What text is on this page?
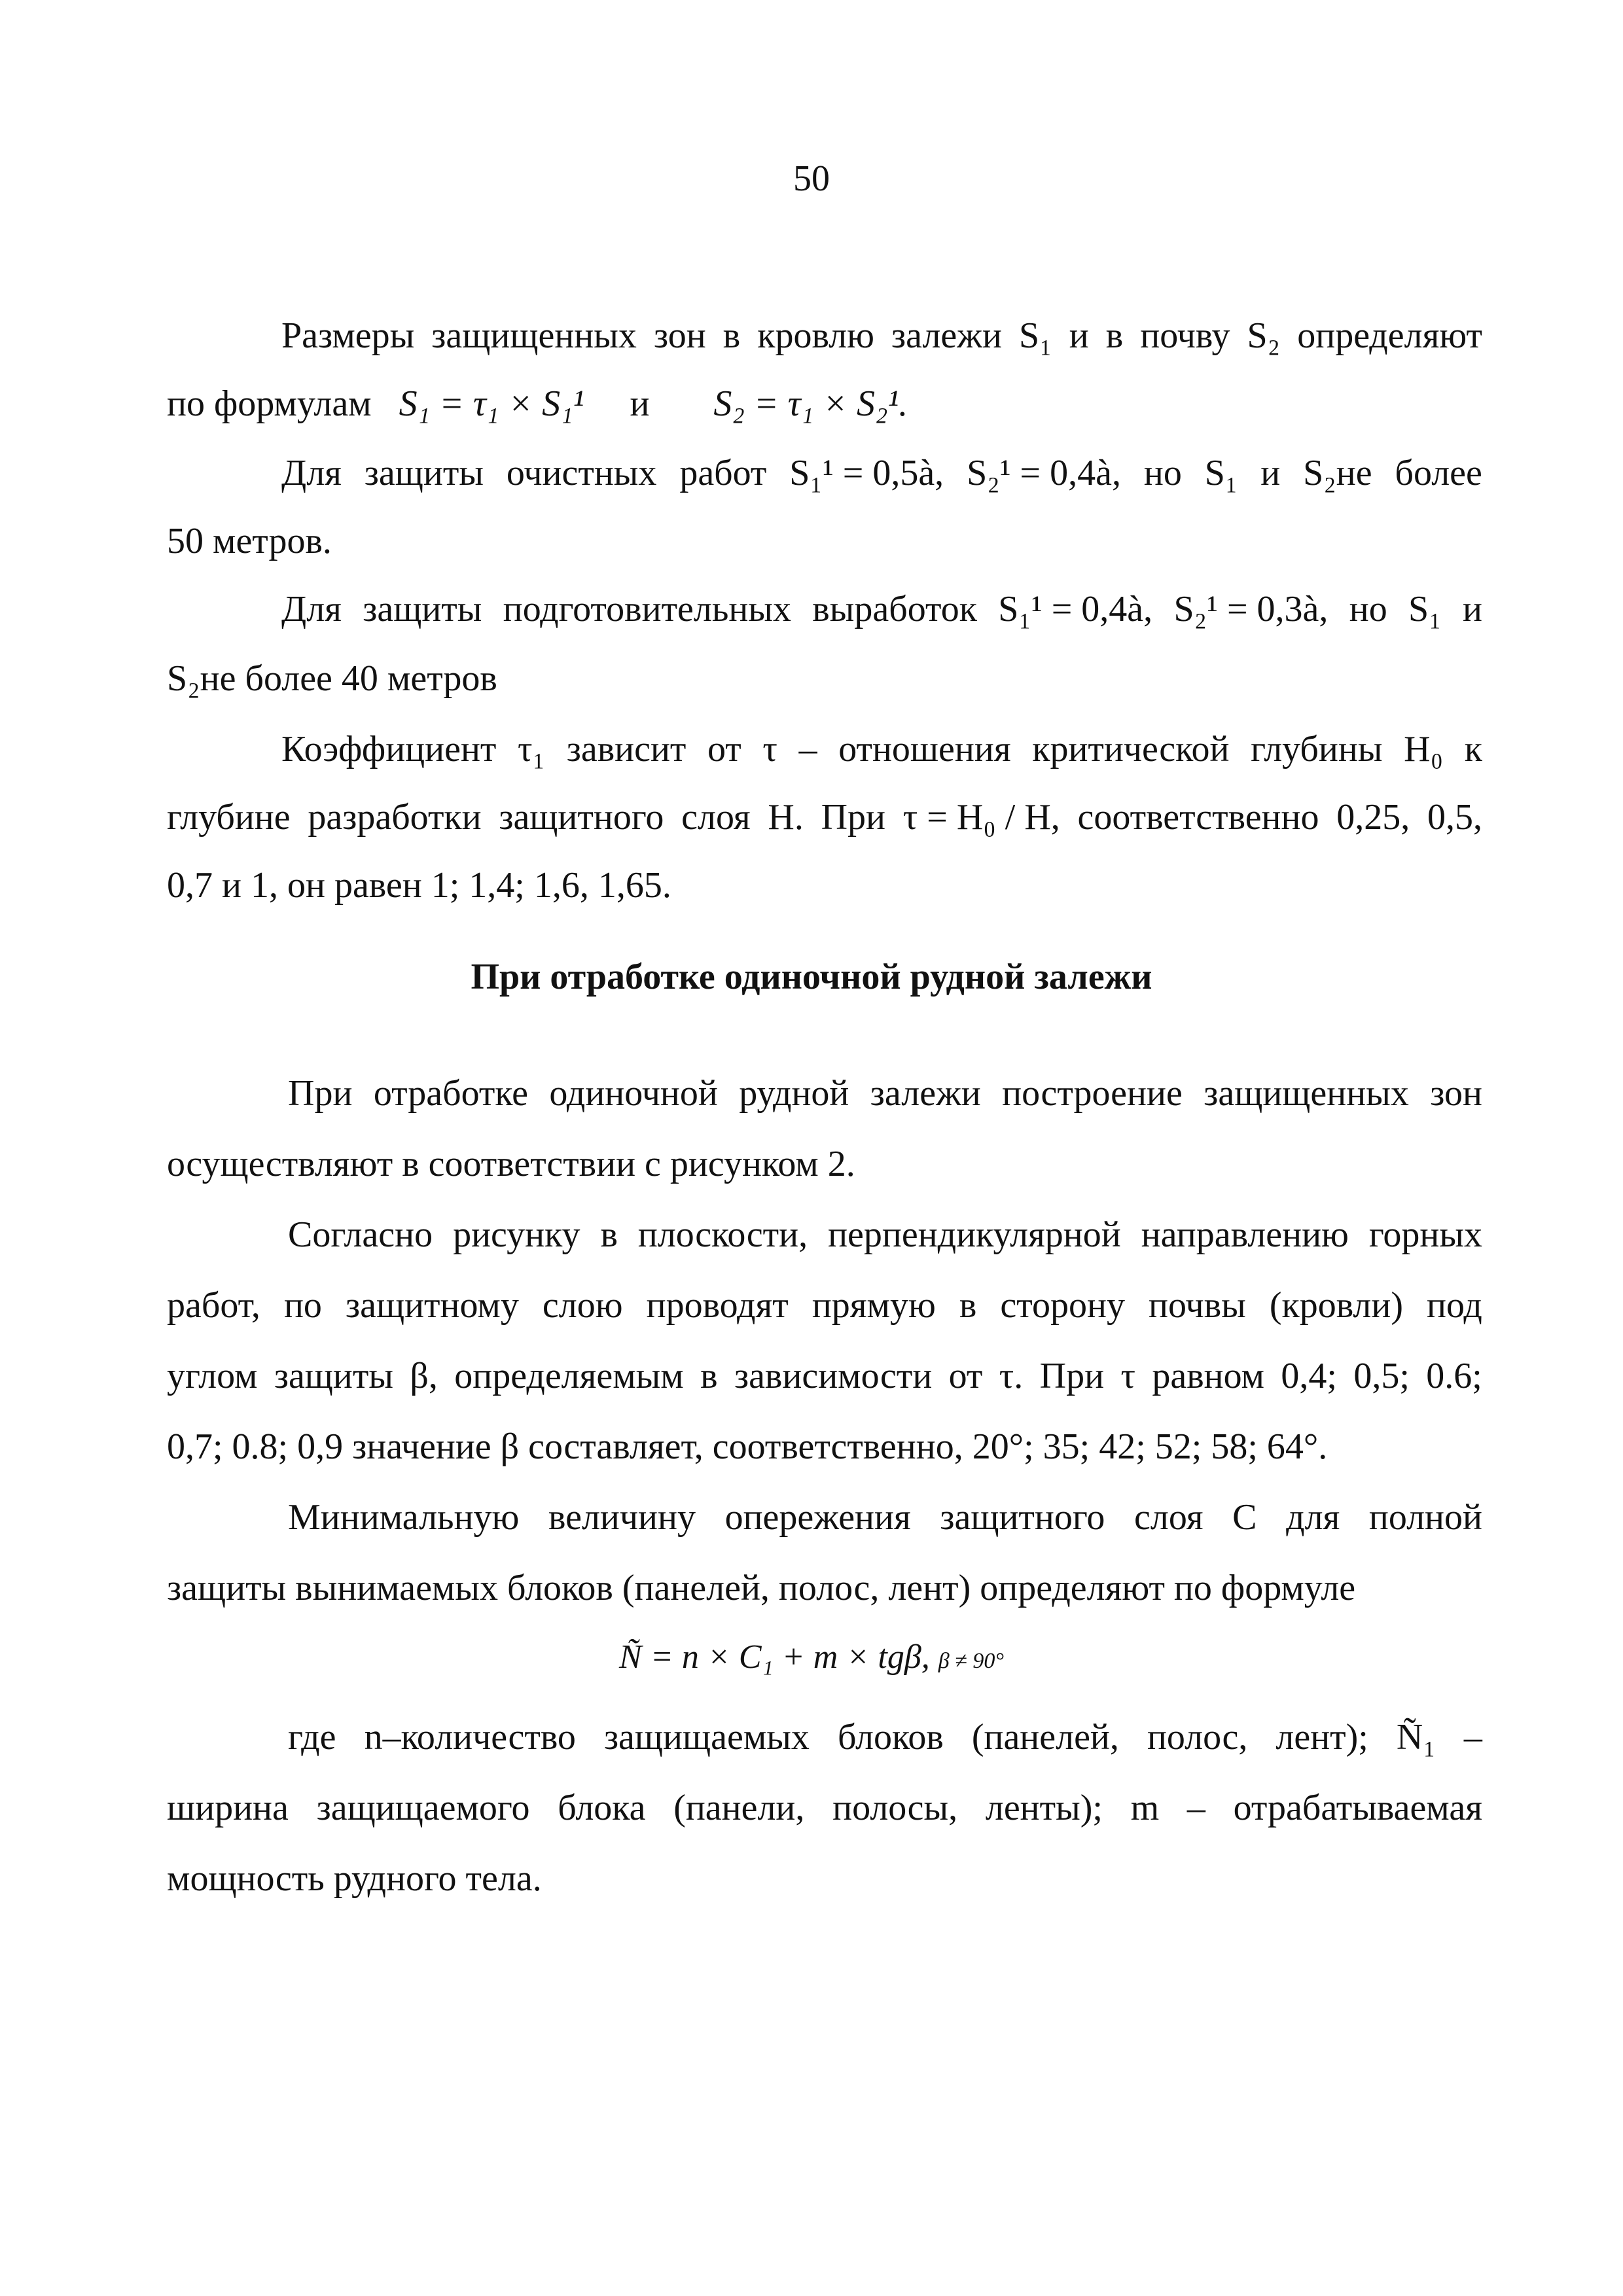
50
Размеры защищенных зон в кровлю залежи S₁ и в почву S₂ определяют
по формулам S₁ = τ₁ × S₁¹ и S₂ = τ₁ × S₂¹.
Для защиты очистных работ S₁¹ = 0,5à, S₂¹ = 0,4à, но S₁ и S₂не более
50 метров.
Для защиты подготовительных выработок S₁¹ = 0,4à, S₂¹ = 0,3à, но S₁ и
S₂не более 40 метров
Коэффициент τ₁ зависит от τ – отношения критической глубины H₀ к
глубине разработки защитного слоя H. При τ = H₀ / H, соответственно 0,25, 0,5,
0,7 и 1, он равен 1; 1,4; 1,6, 1,65.
При отработке одиночной рудной залежи
При отработке одиночной рудной залежи построение защищенных зон
осуществляют в соответствии с рисунком 2.
Согласно рисунку в плоскости, перпендикулярной направлению горных
работ, по защитному слою проводят прямую в сторону почвы (кровли) под
углом защиты β, определяемым в зависимости от τ. При τ равном 0,4; 0,5; 0.6;
0,7; 0.8; 0,9 значение β составляет, соответственно, 20°; 35; 42; 52; 58; 64°.
Минимальную величину опережения защитного слоя C для полной
защиты вынимаемых блоков (панелей, полос, лент) определяют по формуле
Ñ = n × C₁ + m × tgβ, β ≠ 90°
где n–количество защищаемых блоков (панелей, полос, лент); Ñ₁ –
ширина защищаемого блока (панели, полосы, ленты); m – отрабатываемая
мощность рудного тела.
